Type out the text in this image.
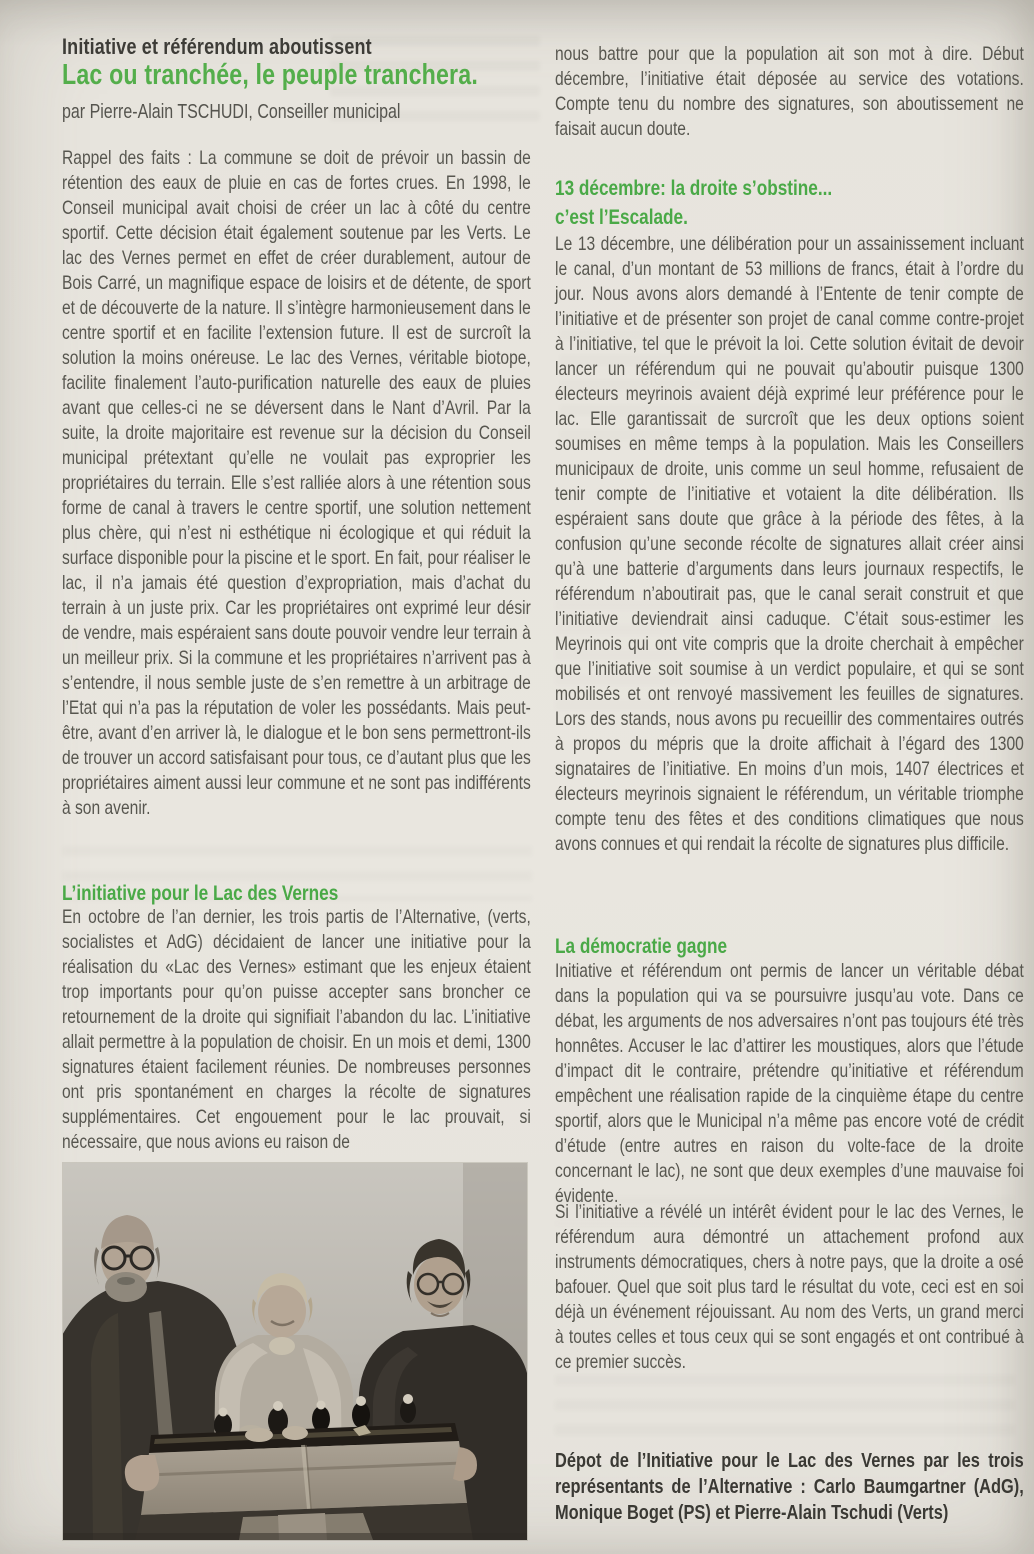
Initiative et référendum aboutissent
Lac ou tranchée, le peuple tranchera.
par Pierre-Alain TSCHUDI, Conseiller municipal
Rappel des faits : La commune se doit de prévoir un bassin de rétention des eaux de pluie en cas de fortes crues. En 1998, le Conseil municipal avait choisi de créer un lac à côté du centre sportif. Cette décision était également soutenue par les Verts. Le lac des Vernes permet en effet de créer durablement, autour de Bois Carré, un magnifique espace de loisirs et de détente, de sport et de découverte de la nature. Il s’intègre harmonieusement dans le centre sportif et en facilite l’extension future. Il est de surcroît la solution la moins onéreuse. Le lac des Vernes, véritable biotope, facilite finalement l’auto-purification naturelle des eaux de pluies avant que celles-ci ne se déversent dans le Nant d’Avril. Par la suite, la droite majoritaire est revenue sur la décision du Conseil municipal prétextant qu’elle ne voulait pas exproprier les propriétaires du terrain. Elle s’est ralliée alors à une rétention sous forme de canal à travers le centre sportif, une solution nettement plus chère, qui n’est ni esthétique ni écologique et qui réduit la surface disponible pour la piscine et le sport. En fait, pour réaliser le lac, il n’a jamais été question d’expropriation, mais d’achat du terrain à un juste prix. Car les propriétaires ont exprimé leur désir de vendre, mais espéraient sans doute pouvoir vendre leur terrain à un meilleur prix. Si la commune et les propriétaires n’arrivent pas à s’entendre, il nous semble juste de s’en remettre à un arbitrage de l’Etat qui n’a pas la réputation de voler les possédants. Mais peut-être, avant d’en arriver là, le dialogue et le bon sens permettront-ils de trouver un accord satisfaisant pour tous, ce d’autant plus que les propriétaires aiment aussi leur commune et ne sont pas indifférents à son avenir.
L’initiative pour le Lac des Vernes
En octobre de l’an dernier, les trois partis de l’Alternative, (verts, socialistes et AdG) décidaient de lancer une initiative pour la réalisation du «Lac des Vernes» estimant que les enjeux étaient trop importants pour qu’on puisse accepter sans broncher ce retournement de la droite qui signifiait l’abandon du lac. L’initiative allait permettre à la population de choisir. En un mois et demi, 1300 signatures étaient facilement réunies. De nombreuses personnes ont pris spontanément en charges la récolte de signatures supplémentaires. Cet engouement pour le lac prouvait, si nécessaire, que nous avions eu raison de
nous battre pour que la population ait son mot à dire. Début décembre, l’initiative était déposée au service des votations. Compte tenu du nombre des signatures, son aboutissement ne faisait aucun doute.
13 décembre: la droite s’obstine...
c’est l’Escalade.
Le 13 décembre, une délibération pour un assainissement incluant le canal, d’un montant de 53 millions de francs, était à l’ordre du jour. Nous avons alors demandé à l’Entente de tenir compte de l’initiative et de présenter son projet de canal comme contre-projet à l’initiative, tel que le prévoit la loi. Cette solution évitait de devoir lancer un référendum qui ne pouvait qu’aboutir puisque 1300 électeurs meyrinois avaient déjà exprimé leur préférence pour le lac. Elle garantissait de surcroît que les deux options soient soumises en même temps à la population. Mais les Conseillers municipaux de droite, unis comme un seul homme, refusaient de tenir compte de l’initiative et votaient la dite délibération. Ils espéraient sans doute que grâce à la période des fêtes, à la confusion qu’une seconde récolte de signatures allait créer ainsi qu’à une batterie d’arguments dans leurs journaux respectifs, le référendum n’aboutirait pas, que le canal serait construit et que l’initiative deviendrait ainsi caduque. C’était sous-estimer les Meyrinois qui ont vite compris que la droite cherchait à empêcher que l’initiative soit soumise à un verdict populaire, et qui se sont mobilisés et ont renvoyé massivement les feuilles de signatures. Lors des stands, nous avons pu recueillir des commentaires outrés à propos du mépris que la droite affichait à l’égard des 1300 signataires de l’initiative. En moins d’un mois, 1407 électrices et électeurs meyrinois signaient le référendum, un véritable triomphe compte tenu des fêtes et des conditions climatiques que nous avons connues et qui rendait la récolte de signatures plus difficile.
La démocratie gagne
Initiative et référendum ont permis de lancer un véritable débat dans la population qui va se poursuivre jusqu’au vote. Dans ce débat, les arguments de nos adversaires n’ont pas toujours été très honnêtes. Accuser le lac d’attirer les moustiques, alors que l’étude d’impact dit le contraire, prétendre qu’initiative et référendum empêchent une réalisation rapide de la cinquième étape du centre sportif, alors que le Municipal n’a même pas encore voté de crédit d’étude (entre autres en raison du volte-face de la droite concernant le lac), ne sont que deux exemples d’une mauvaise foi évidente.
Si l’initiative a révélé un intérêt évident pour le lac des Vernes, le référendum aura démontré un attachement profond aux instruments démocratiques, chers à notre pays, que la droite a osé bafouer. Quel que soit plus tard le résultat du vote, ceci est en soi déjà un événement réjouissant. Au nom des Verts, un grand merci à toutes celles et tous ceux qui se sont engagés et ont contribué à ce premier succès.
Dépot de l’Initiative pour le Lac des Vernes par les trois représentants de l’Alternative : Carlo Baumgartner (AdG), Monique Boget (PS) et Pierre-Alain Tschudi (Verts)
